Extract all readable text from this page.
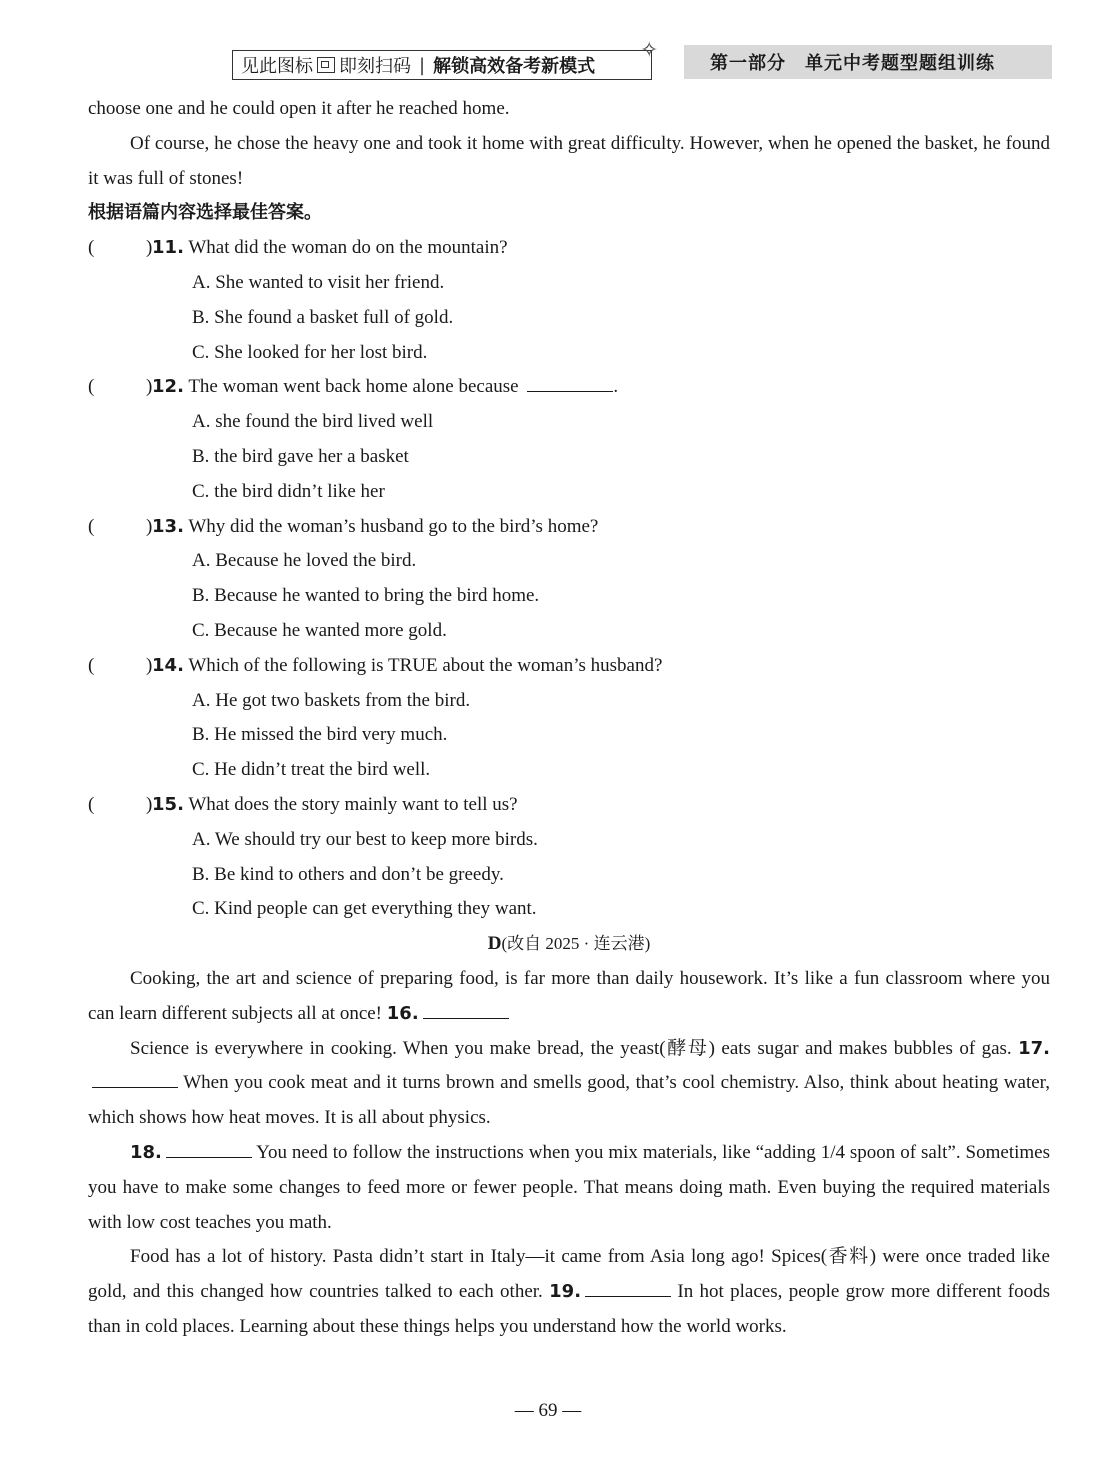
见此图标 即刻扫码 | 解锁高效备考新模式
✧
第一部分　单元中考题型题组训练
choose one and he could open it after he reached home.
Of course, he chose the heavy one and took it home with great difficulty. However, when he opened the basket, he found it was full of stones!
根据语篇内容选择最佳答案。
(	) 11. What did the woman do on the mountain?
A. She wanted to visit her friend.
B. She found a basket full of gold.
C. She looked for her lost bird.
(	) 12. The woman went back home alone because	.
A. she found the bird lived well
B. the bird gave her a basket
C. the bird didn’t like her
(	) 13. Why did the woman’s husband go to the bird’s home?
A. Because he loved the bird.
B. Because he wanted to bring the bird home.
C. Because he wanted more gold.
(	) 14. Which of the following is TRUE about the woman’s husband?
A. He got two baskets from the bird.
B. He missed the bird very much.
C. He didn’t treat the bird well.
(	) 15. What does the story mainly want to tell us?
A. We should try our best to keep more birds.
B. Be kind to others and don’t be greedy.
C. Kind people can get everything they want.
D(改自 2025 · 连云港)
Cooking, the art and science of preparing food, is far more than daily housework. It’s like a fun classroom where you can learn different subjects all at once! 16.
Science is everywhere in cooking. When you make bread, the yeast(酵母) eats sugar and makes bubbles of gas. 17. When you cook meat and it turns brown and smells good, that’s cool chemistry. Also, think about heating water, which shows how heat moves. It is all about physics.
18.	You need to follow the instructions when you mix materials, like “adding 1/4 spoon of salt”. Sometimes you have to make some changes to feed more or fewer people. That means doing math. Even buying the required materials with low cost teaches you math.
Food has a lot of history. Pasta didn’t start in Italy—it came from Asia long ago! Spices(香料) were once traded like gold, and this changed how countries talked to each other. 19.	In hot places, people grow more different foods than in cold places. Learning about these things helps you understand how the world works.
— 69 —
